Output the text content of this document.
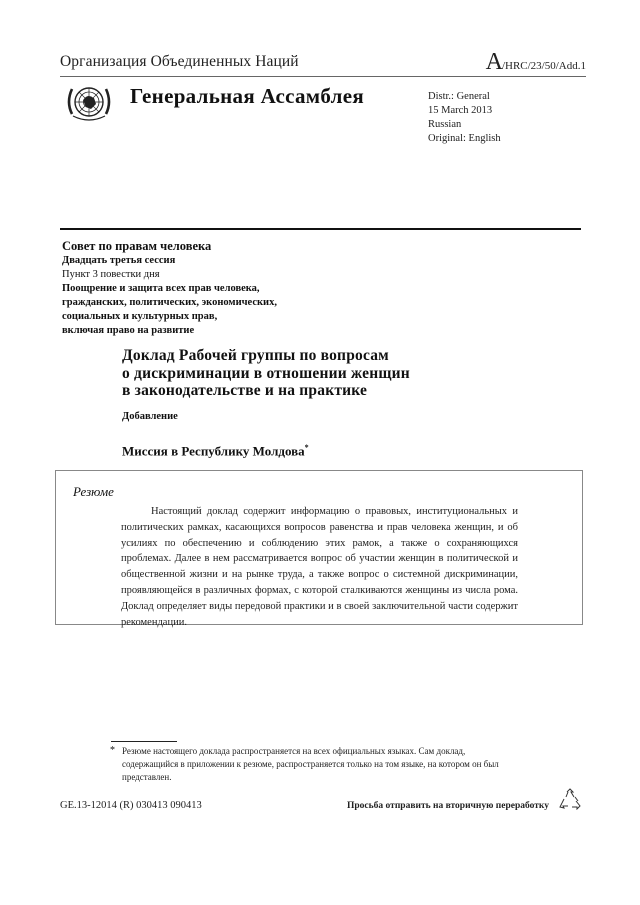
Организация Объединенных Наций	A/HRC/23/50/Add.1
Генеральная Ассамблея	Distr.: General
15 March 2013
Russian
Original: English
Совет по правам человека
Двадцать третья сессия
Пункт 3 повестки дня
Поощрение и защита всех прав человека,
гражданских, политических, экономических,
социальных и культурных прав,
включая право на развитие
Доклад Рабочей группы по вопросам
о дискриминации в отношении женщин
в законодательстве и на практике
Добавление
Миссия в Республику Молдова*
Резюме
Настоящий доклад содержит информацию о правовых, институциональных и политических рамках, касающихся вопросов равенства и прав человека женщин, и об усилиях по обеспечению и соблюдению этих рамок, а также о сохраняющихся проблемах. Далее в нем рассматривается вопрос об участии женщин в политической и общественной жизни и на рынке труда, а также вопрос о системной дискриминации, проявляющейся в различных формах, с которой сталкиваются женщины из числа рома. Доклад определяет виды передовой практики и в своей заключительной части содержит рекомендации.
* Резюме настоящего доклада распространяется на всех официальных языках. Сам доклад, содержащийся в приложении к резюме, распространяется только на том языке, на котором он был представлен.
GE.13-12014 (R) 030413 090413	Просьба отправить на вторичную переработку
